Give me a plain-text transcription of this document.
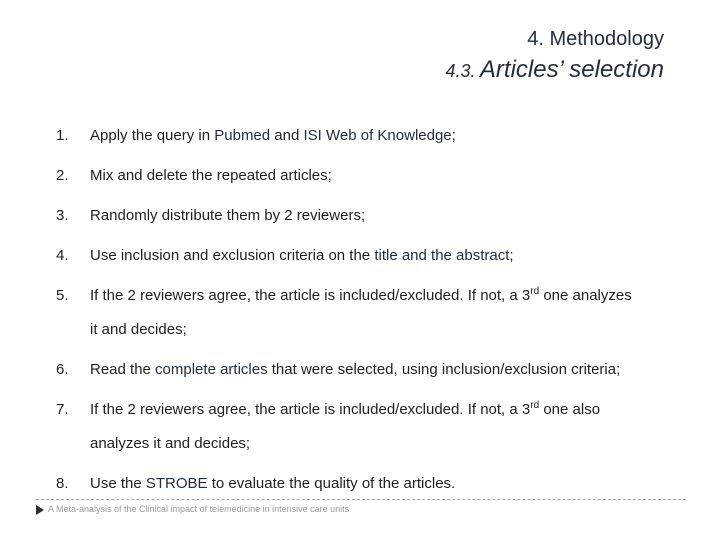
4. Methodology
4.3. Articles’ selection
1.	Apply the query in Pubmed and ISI Web of Knowledge;
2.	Mix and delete the repeated articles;
3.	Randomly distribute them by 2 reviewers;
4.	Use inclusion and exclusion criteria on the title and the abstract;
5.	If the 2 reviewers agree, the article is included/excluded. If not, a 3rd one analyzes
it and decides;
6.	Read the complete articles that were selected, using inclusion/exclusion criteria;
7.	If the 2 reviewers agree, the article is included/excluded. If not, a 3rd one also
analyzes it and decides;
8.	Use the STROBE to evaluate the quality of the articles.
A Meta-analysis of the Clinical impact of telemedicine in intensive care units
